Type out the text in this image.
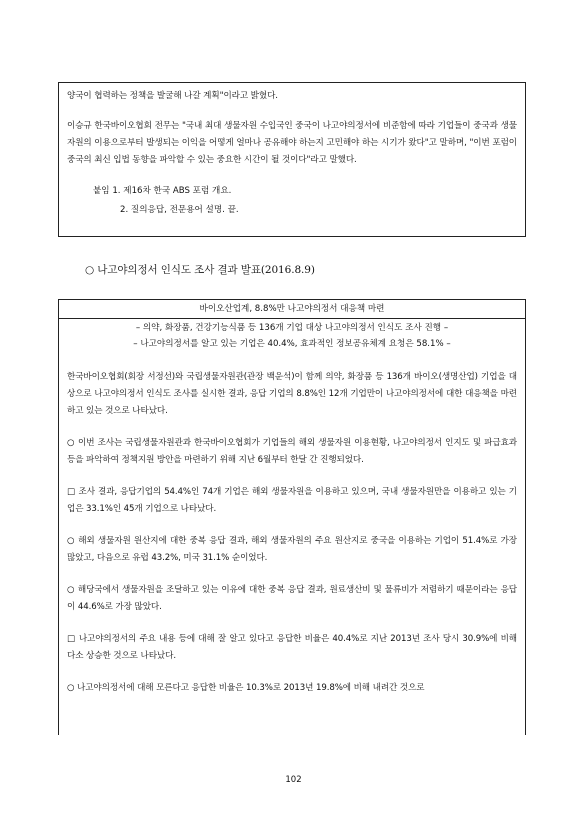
양국이 협력하는 정책을 발굴해 나갈 계획"이라고 밝혔다.

이승규 한국바이오협회 전무는 "국내 최대 생물자원 수입국인 중국이 나고야의정서에 비준함에 따라 기업들이 중국과 생물자원의 이용으로부터 발생되는 이익을 어떻게 얼마나 공유해야 하는지 고민해야 하는 시기가 왔다"고 말하며, "이번 포럼이 중국의 최신 입법 동향을 파악할 수 있는 중요한 시간이 될 것이다"라고 말했다.

붙임 1. 제16차 한국 ABS 포럼 개요.
2. 질의응답, 전문용어 설명. 끝.
○ 나고야의정서 인식도 조사 결과 발표(2016.8.9)
바이오산업계, 8.8%만 나고야의정서 대응책 마련
– 의약, 화장품, 건강기능식품 등 136개 기업 대상 나고야의정서 인식도 조사 진행 –
– 나고야의정서를 알고 있는 기업은 40.4%, 효과적인 정보공유체계 요청은 58.1% –

한국바이오협회(회장 서정선)와 국립생물자원관(관장 백운석)이 함께 의약, 화장품 등 136개 바이오(생명산업) 기업을 대상으로 나고야의정서 인식도 조사를 실시한 결과, 응답 기업의 8.8%인 12개 기업만이 나고야의정서에 대한 대응책을 마련하고 있는 것으로 나타났다.

○ 이번 조사는 국립생물자원관과 한국바이오협회가 기업들의 해외 생물자원 이용현황, 나고야의정서 인지도 및 파급효과 등을 파악하여 정책지원 방안을 마련하기 위해 지난 6월부터 한달 간 진행되었다.

□ 조사 결과, 응답기업의 54.4%인 74개 기업은 해외 생물자원을 이용하고 있으며, 국내 생물자원만을 이용하고 있는 기업은 33.1%인 45개 기업으로 나타났다.

○ 해외 생물자원 원산지에 대한 중복 응답 결과, 해외 생물자원의 주요 원산지로 중국을 이용하는 기업이 51.4%로 가장 많았고, 다음으로 유럽 43.2%, 미국 31.1% 순이었다.

○ 해당국에서 생물자원을 조달하고 있는 이유에 대한 중복 응답 결과, 원료생산비 및 물류비가 저렴하기 때문이라는 응답이 44.6%로 가장 많았다.

□ 나고야의정서의 주요 내용 등에 대해 잘 알고 있다고 응답한 비율은 40.4%로 지난 2013년 조사 당시 30.9%에 비해 다소 상승한 것으로 나타났다.

○ 나고야의정서에 대해 모른다고 응답한 비율은 10.3%로 2013년 19.8%에 비해 내려간 것으로

102
